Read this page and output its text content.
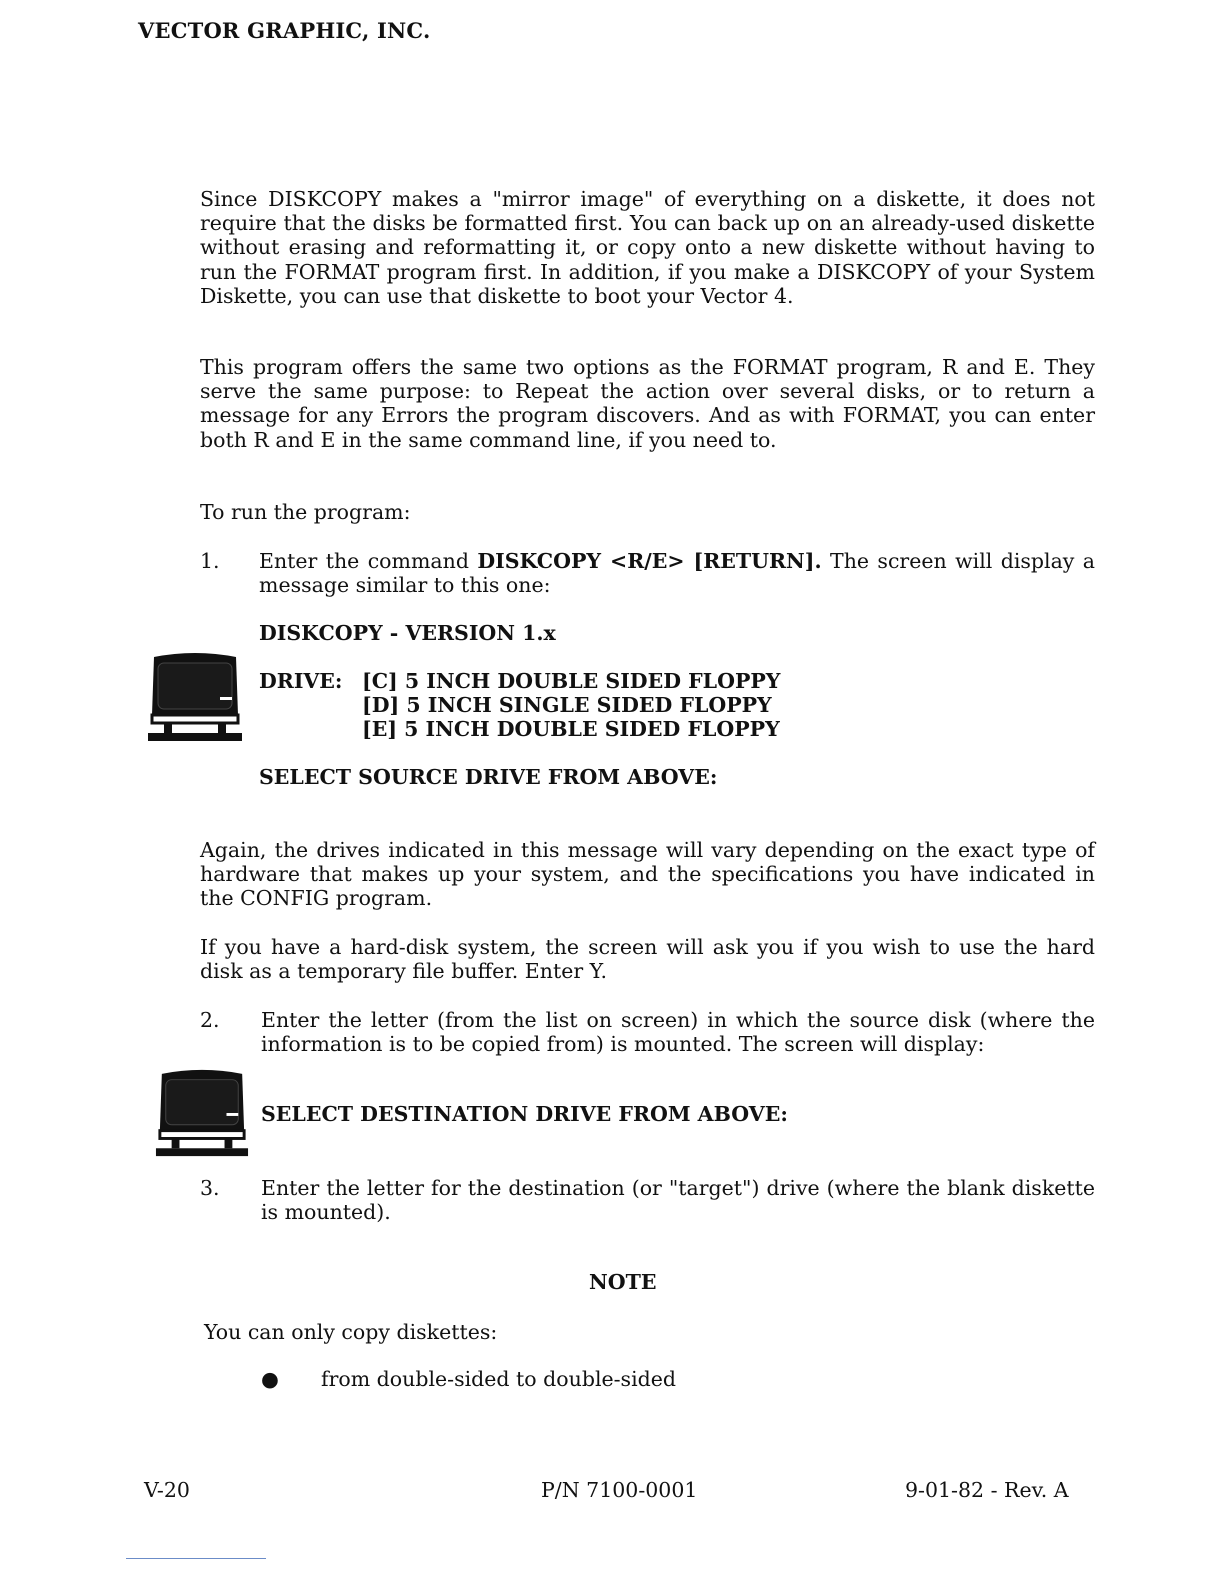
VECTOR GRAPHIC, INC.
Since DISKCOPY makes a "mirror image" of everything on a diskette, it does not require that the disks be formatted first. You can back up on an already-used diskette without erasing and reformatting it, or copy onto a new diskette without having to run the FORMAT program first. In addition, if you make a DISKCOPY of your System Diskette, you can use that diskette to boot your Vector 4.
This program offers the same two options as the FORMAT program, R and E. They serve the same purpose: to Repeat the action over several disks, or to return a message for any Errors the program discovers. And as with FORMAT, you can enter both R and E in the same command line, if you need to.
To run the program:
1. Enter the command DISKCOPY <R/E> [RETURN]. The screen will display a message similar to this one:
DISKCOPY - VERSION 1.x
DRIVE: [C] 5 INCH DOUBLE SIDED FLOPPY
[D] 5 INCH SINGLE SIDED FLOPPY
[E] 5 INCH DOUBLE SIDED FLOPPY
SELECT SOURCE DRIVE FROM ABOVE:
Again, the drives indicated in this message will vary depending on the exact type of hardware that makes up your system, and the specifications you have indicated in the CONFIG program.
If you have a hard-disk system, the screen will ask you if you wish to use the hard disk as a temporary file buffer. Enter Y.
2. Enter the letter (from the list on screen) in which the source disk (where the information is to be copied from) is mounted. The screen will display:
SELECT DESTINATION DRIVE FROM ABOVE:
3. Enter the letter for the destination (or "target") drive (where the blank diskette is mounted).
NOTE
You can only copy diskettes:
● from double-sided to double-sided
V-20	P/N 7100-0001	9-01-82 - Rev. A
